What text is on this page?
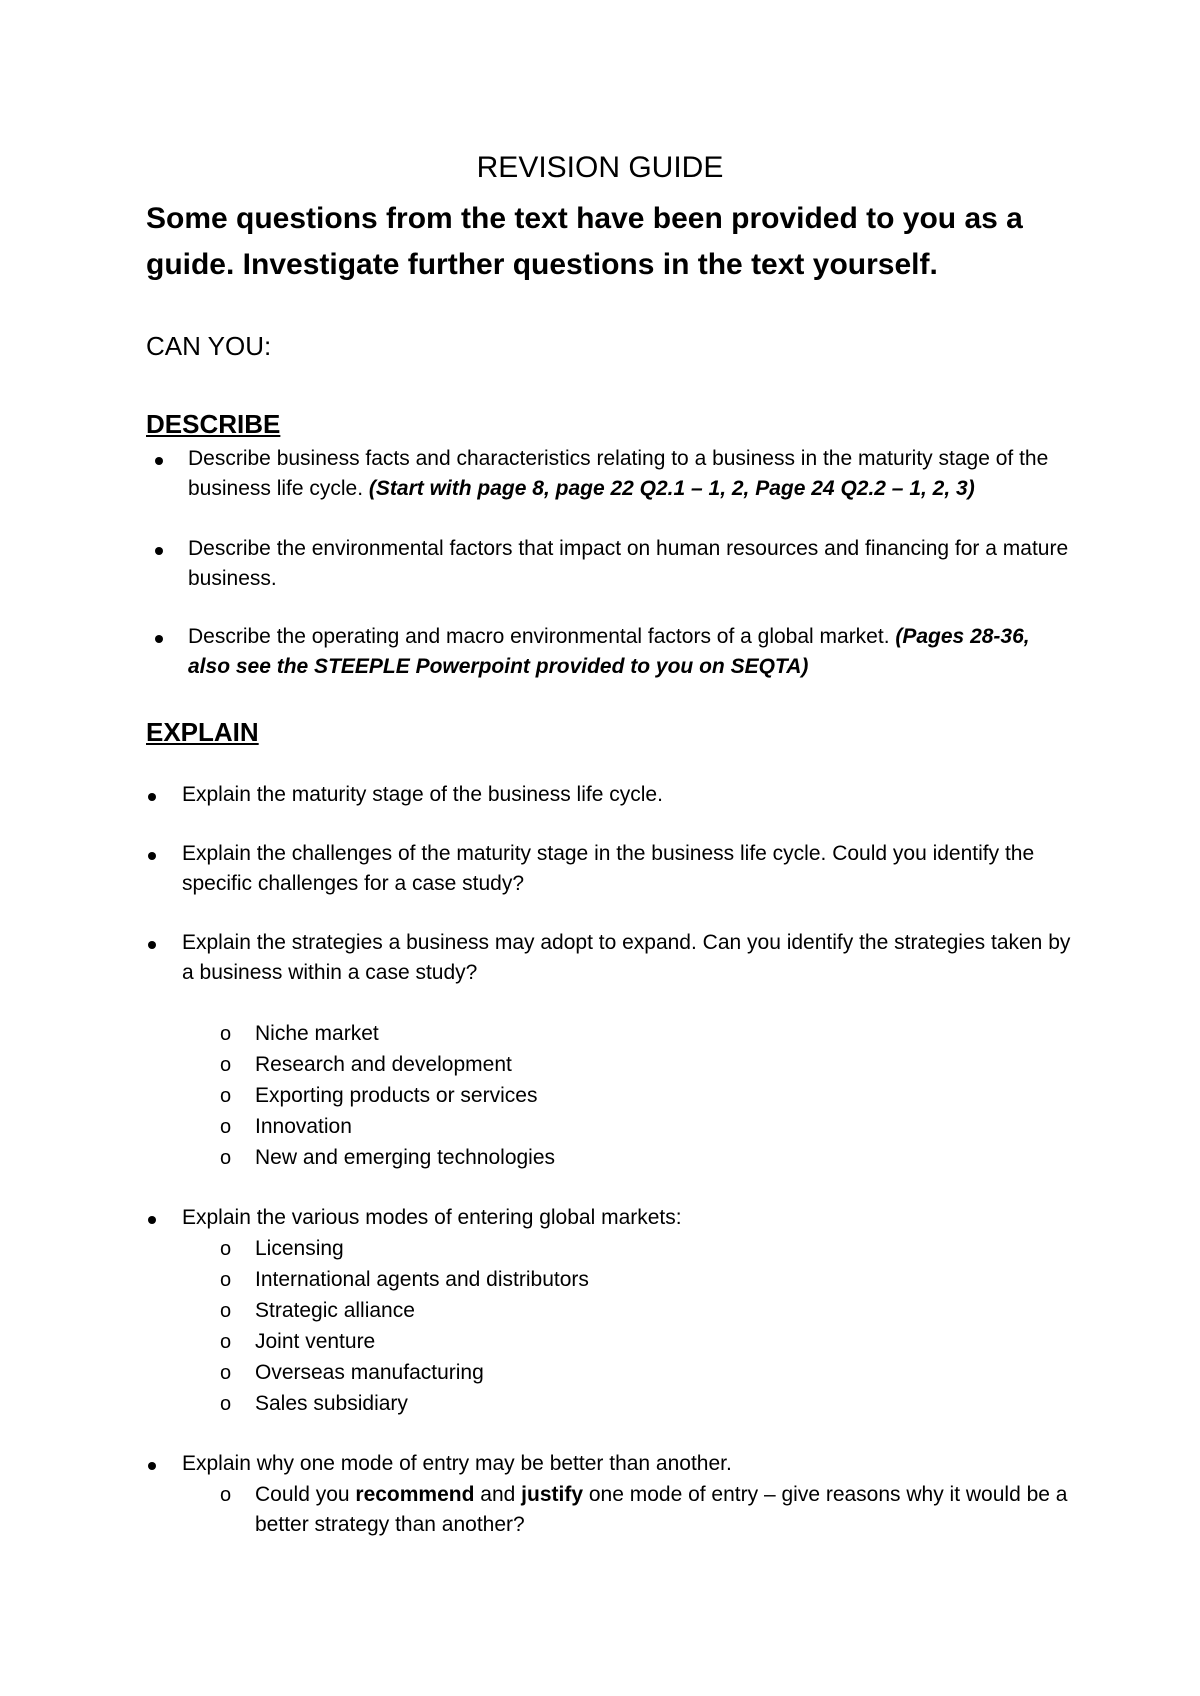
REVISION GUIDE
Some questions from the text have been provided to you as a guide. Investigate further questions in the text yourself.
CAN YOU:
DESCRIBE
Describe business facts and characteristics relating to a business in the maturity stage of the business life cycle. (Start with page 8, page 22 Q2.1 – 1, 2, Page 24 Q2.2 – 1, 2, 3)
Describe the environmental factors that impact on human resources and financing for a mature business.
Describe the operating and macro environmental factors of a global market. (Pages 28-36, also see the STEEPLE Powerpoint provided to you on SEQTA)
EXPLAIN
Explain the maturity stage of the business life cycle.
Explain the challenges of the maturity stage in the business life cycle. Could you identify the specific challenges for a case study?
Explain the strategies a business may adopt to expand. Can you identify the strategies taken by a business within a case study?
o Niche market
o Research and development
o Exporting products or services
o Innovation
o New and emerging technologies
Explain the various modes of entering global markets:
o Licensing
o International agents and distributors
o Strategic alliance
o Joint venture
o Overseas manufacturing
o Sales subsidiary
Explain why one mode of entry may be better than another.
o Could you recommend and justify one mode of entry – give reasons why it would be a better strategy than another?
